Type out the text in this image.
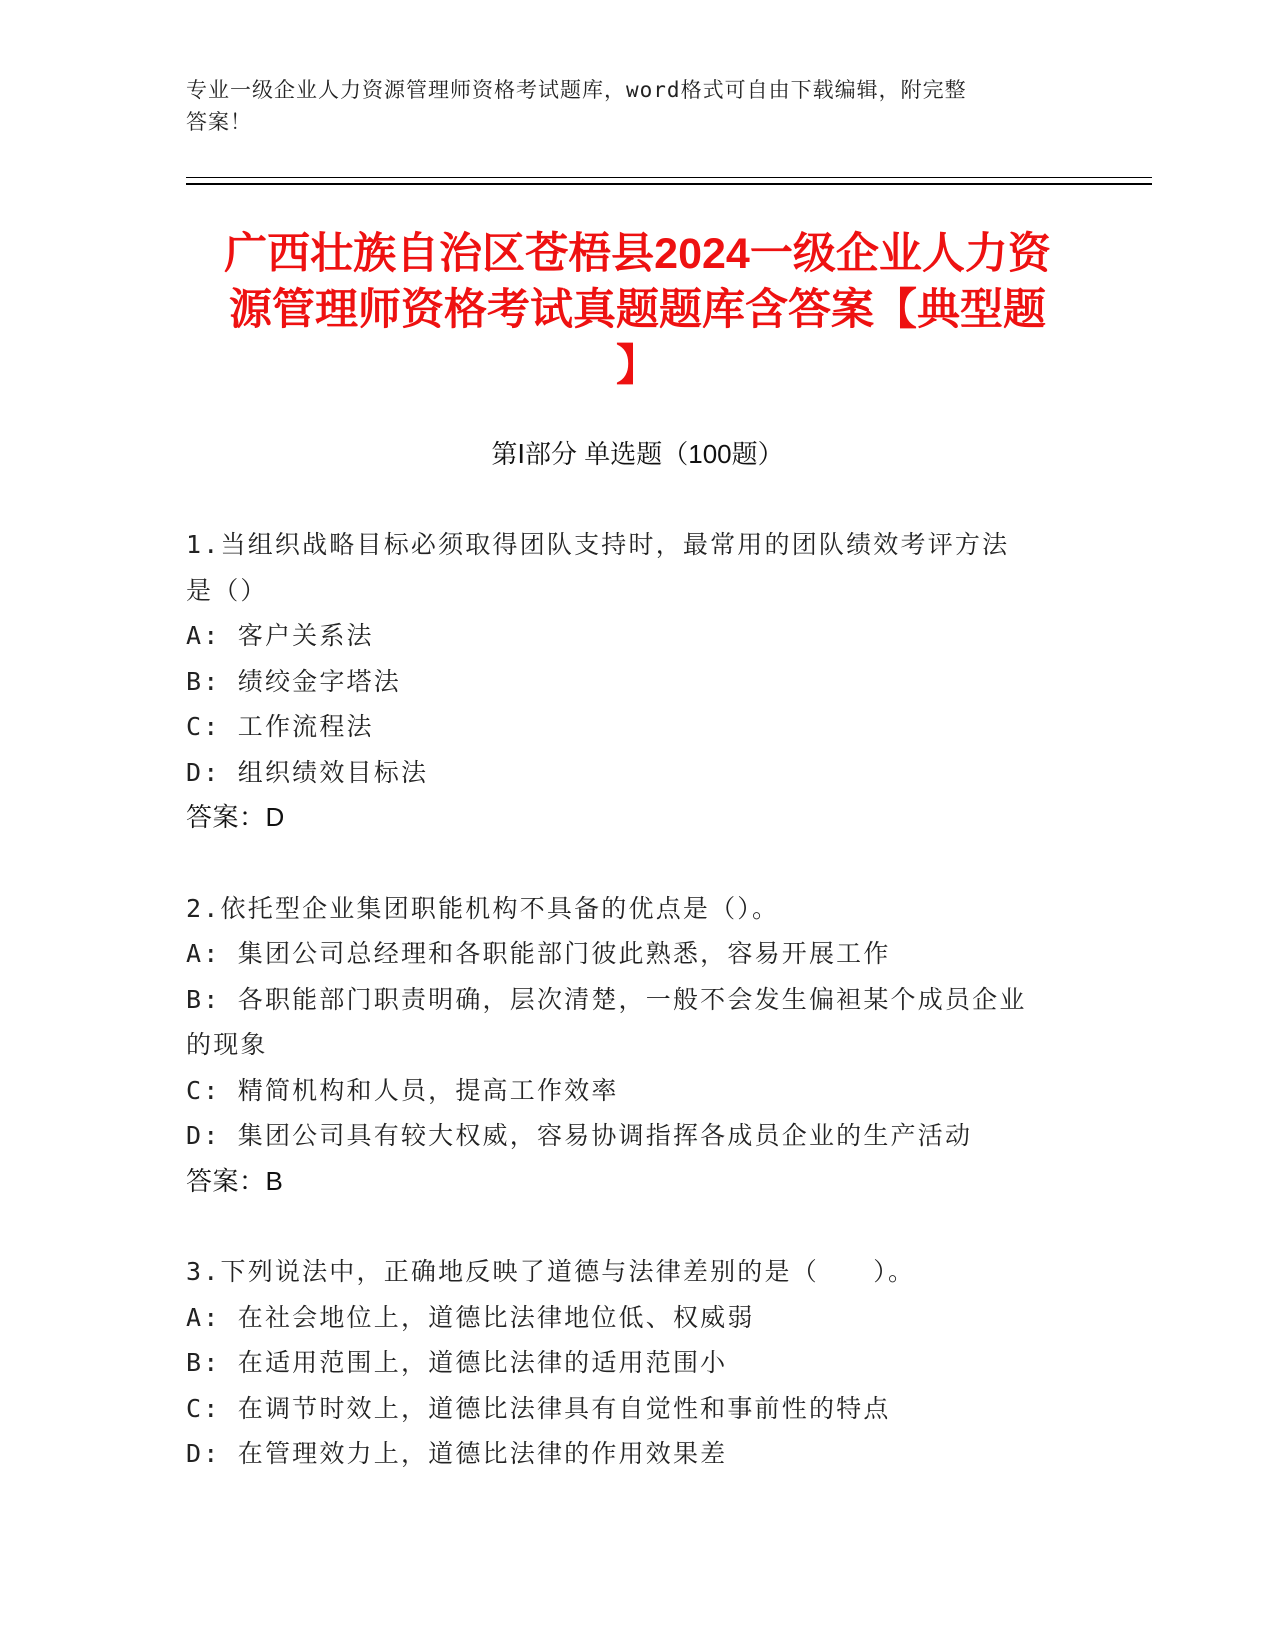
专业一级企业人力资源管理师资格考试题库，word格式可自由下载编辑，附完整
答案！
广西壮族自治区苍梧县2024一级企业人力资
源管理师资格考试真题题库含答案【典型题
】
第Ⅰ部分 单选题（100题）
1.当组织战略目标必须取得团队支持时，最常用的团队绩效考评方法
是（）
A: 客户关系法
B: 绩绞金字塔法
C: 工作流程法
D: 组织绩效目标法
答案：D
2.依托型企业集团职能机构不具备的优点是（）。
A: 集团公司总经理和各职能部门彼此熟悉，容易开展工作
B: 各职能部门职责明确，层次清楚，一般不会发生偏袒某个成员企业
的现象
C: 精简机构和人员，提高工作效率
D: 集团公司具有较大权威，容易协调指挥各成员企业的生产活动
答案：B
3.下列说法中，正确地反映了道德与法律差别的是（　　）。
A: 在社会地位上，道德比法律地位低、权威弱
B: 在适用范围上，道德比法律的适用范围小
C: 在调节时效上，道德比法律具有自觉性和事前性的特点
D: 在管理效力上，道德比法律的作用效果差
